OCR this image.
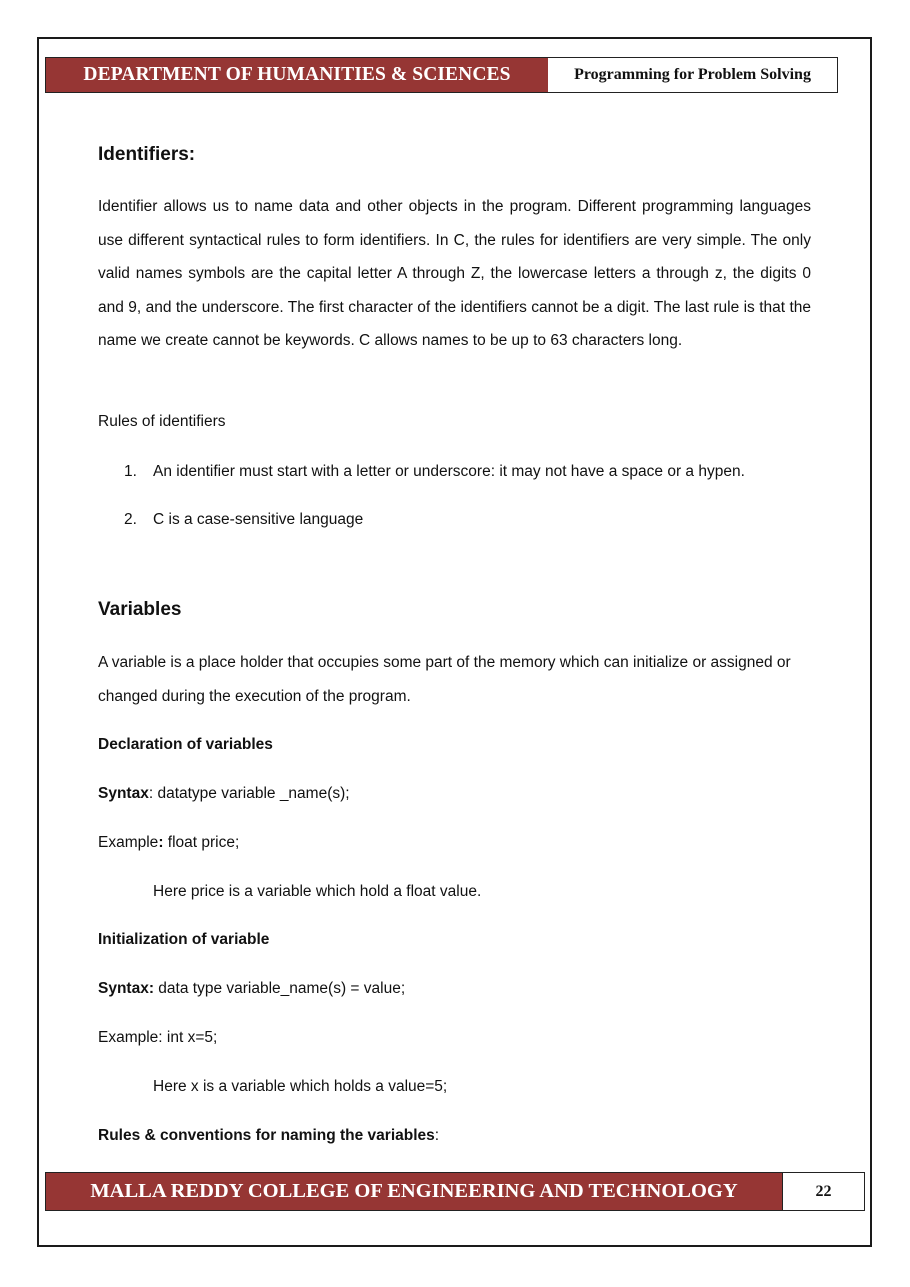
DEPARTMENT OF HUMANITIES & SCIENCES	Programming for Problem Solving
Identifiers:
Identifier allows us to name data and other objects in the program. Different programming languages use different syntactical rules to form identifiers. In C, the rules for identifiers are very simple. The only valid names symbols are the capital letter A through Z, the lowercase letters a through z, the digits 0 and 9, and the underscore. The first character of the identifiers cannot be a digit. The last rule is that the name we create cannot be keywords. C allows names to be up to 63 characters long.
Rules of identifiers
1.	An identifier must start with a letter or underscore: it may not have a space or a hypen.
2.	C is a case-sensitive language
Variables
A variable is a place holder that occupies some part of the memory which can initialize or assigned or changed during the execution of the program.
Declaration of variables
Syntax: datatype variable _name(s);
Example: float price;
Here price is a variable which hold a float value.
Initialization of variable
Syntax: data type variable_name(s) = value;
Example: int x=5;
Here x is a variable which holds a value=5;
Rules & conventions for naming the variables:
MALLA REDDY COLLEGE OF ENGINEERING AND TECHNOLOGY	22
